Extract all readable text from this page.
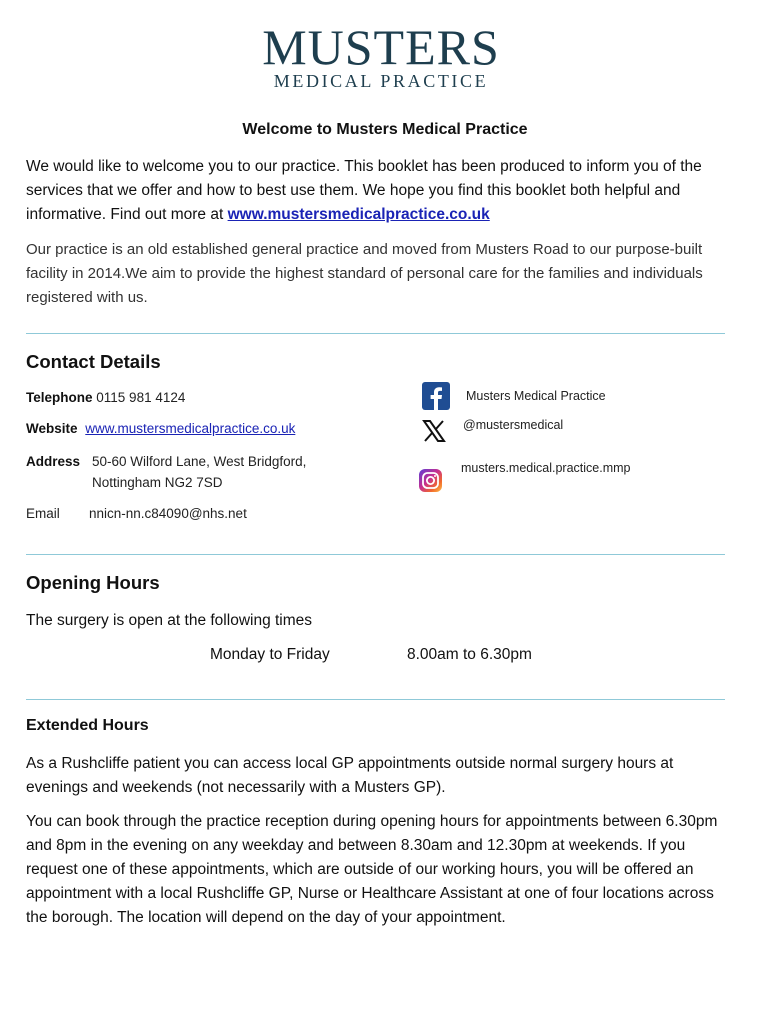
MUSTERS
MEDICAL PRACTICE
Welcome to Musters Medical Practice
We would like to welcome you to our practice. This booklet has been produced to inform you of the services that we offer and how to best use them. We hope you find this booklet both helpful and informative. Find out more at www.mustersmedicalpractice.co.uk
Our practice is an old established general practice and moved from Musters Road to our purpose-built facility in 2014.We aim to provide the highest standard of personal care for the families and individuals registered with us.
Contact Details
Telephone 0115 981 4124
Website www.mustersmedicalpractice.co.uk
Address 50-60 Wilford Lane, West Bridgford,
Nottingham NG2 7SD
Email nnicn-nn.c84090@nhs.net
Musters Medical Practice
@mustersmedical
musters.medical.practice.mmp
Opening Hours
The surgery is open at the following times
Monday to Friday	8.00am to 6.30pm
Extended Hours
As a Rushcliffe patient you can access local GP appointments outside normal surgery hours at evenings and weekends (not necessarily with a Musters GP).
You can book through the practice reception during opening hours for appointments between 6.30pm and 8pm in the evening on any weekday and between 8.30am and 12.30pm at weekends. If you request one of these appointments, which are outside of our working hours, you will be offered an appointment with a local Rushcliffe GP, Nurse or Healthcare Assistant at one of four locations across the borough. The location will depend on the day of your appointment.
